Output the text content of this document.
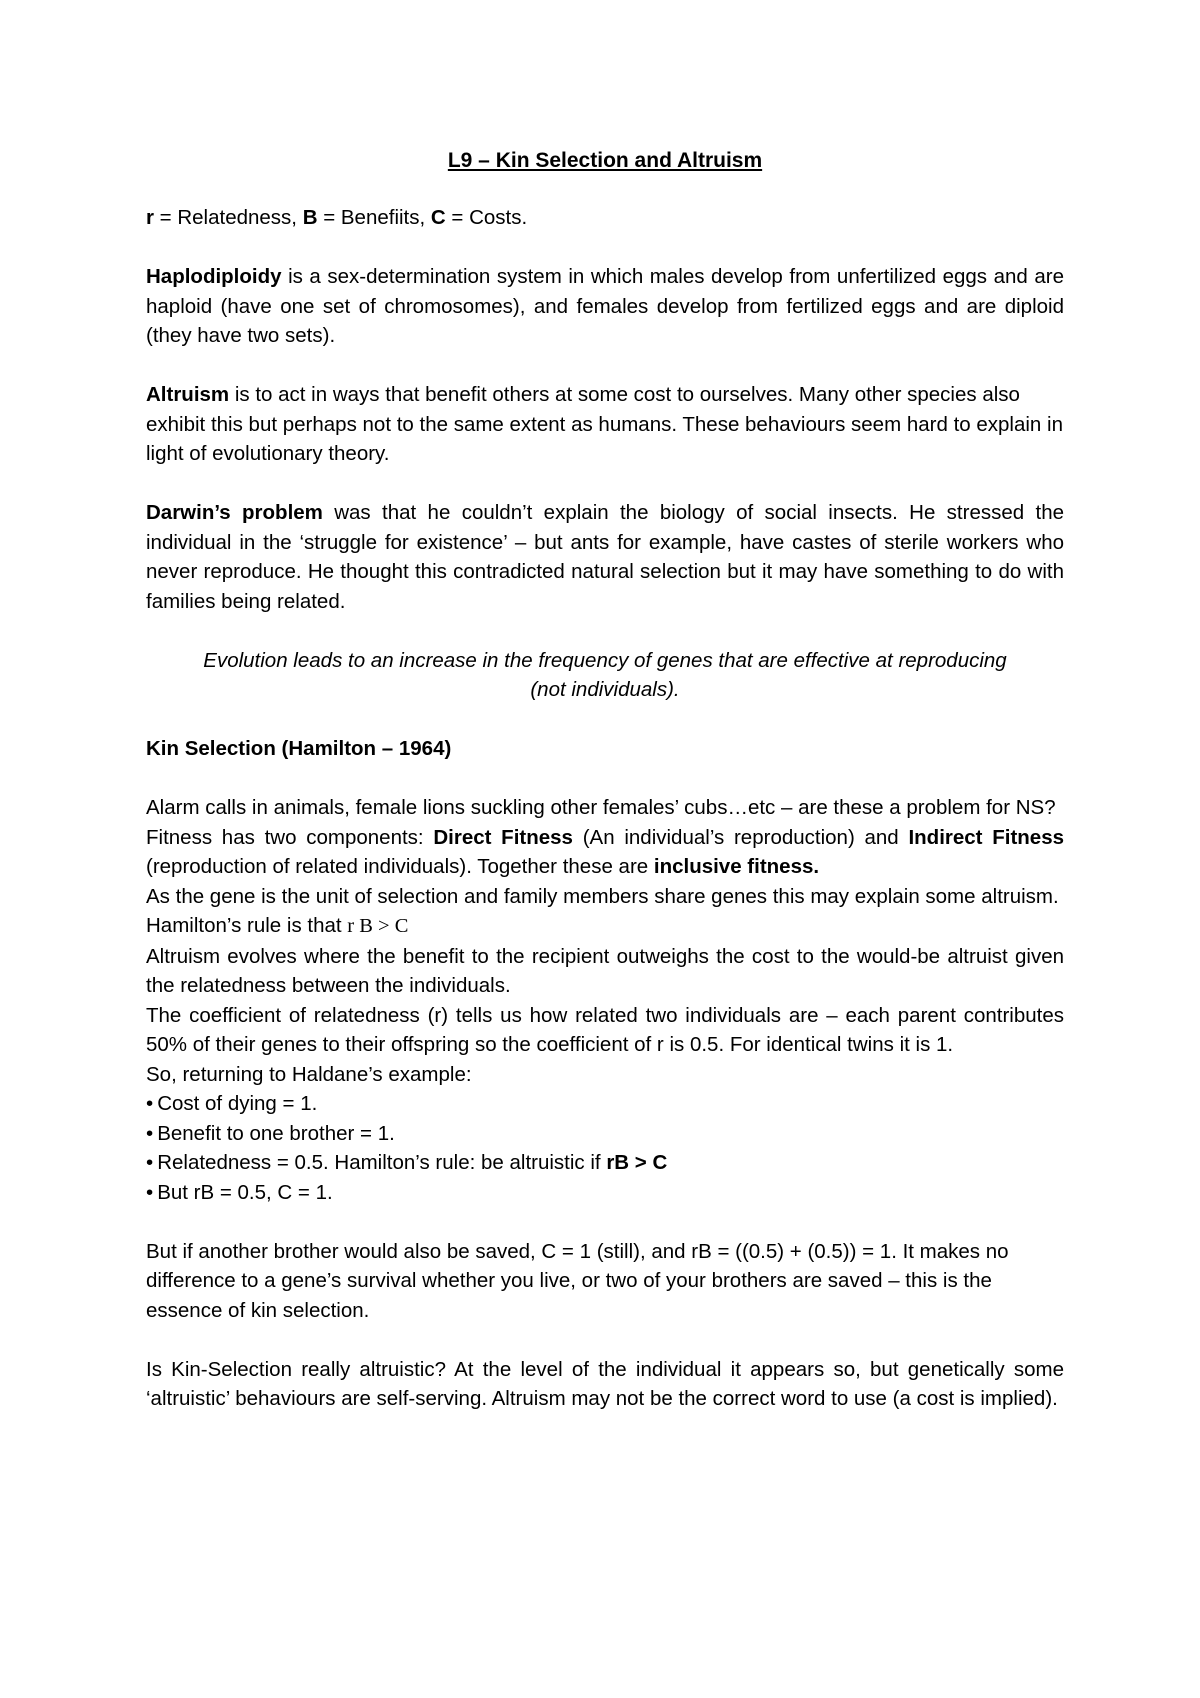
L9 – Kin Selection and Altruism

r = Relatedness, B = Benefiits, C = Costs.

Haplodiploidy is a sex-determination system in which males develop from unfertilized eggs and are haploid (have one set of chromosomes), and females develop from fertilized eggs and are diploid (they have two sets).

Altruism is to act in ways that benefit others at some cost to ourselves. Many other species also exhibit this but perhaps not to the same extent as humans. These behaviours seem hard to explain in light of evolutionary theory.

Darwin’s problem was that he couldn’t explain the biology of social insects. He stressed the individual in the ‘struggle for existence’ – but ants for example, have castes of sterile workers who never reproduce. He thought this contradicted natural selection but it may have something to do with families being related.

Evolution leads to an increase in the frequency of genes that are effective at reproducing
(not individuals).
Kin Selection (Hamilton – 1964)
Alarm calls in animals, female lions suckling other females’ cubs…etc – are these a problem for NS?
Fitness has two components: Direct Fitness (An individual’s reproduction) and Indirect Fitness (reproduction of related individuals). Together these are inclusive fitness.
As the gene is the unit of selection and family members share genes this may explain some altruism.
Hamilton’s rule is that r B > C
Altruism evolves where the benefit to the recipient outweighs the cost to the would-be altruist given the relatedness between the individuals.
The coefficient of relatedness (r) tells us how related two individuals are – each parent contributes 50% of their genes to their offspring so the coefficient of r is 0.5. For identical twins it is 1.
So, returning to Haldane’s example:
• Cost of dying = 1.
• Benefit to one brother = 1.
• Relatedness = 0.5. Hamilton’s rule: be altruistic if rB > C
• But rB = 0.5, C = 1.

But if another brother would also be saved, C = 1 (still), and rB = ((0.5) + (0.5)) = 1. It makes no difference to a gene’s survival whether you live, or two of your brothers are saved – this is the essence of kin selection.

Is Kin-Selection really altruistic? At the level of the individual it appears so, but genetically some ‘altruistic’ behaviours are self-serving. Altruism may not be the correct word to use (a cost is implied).
